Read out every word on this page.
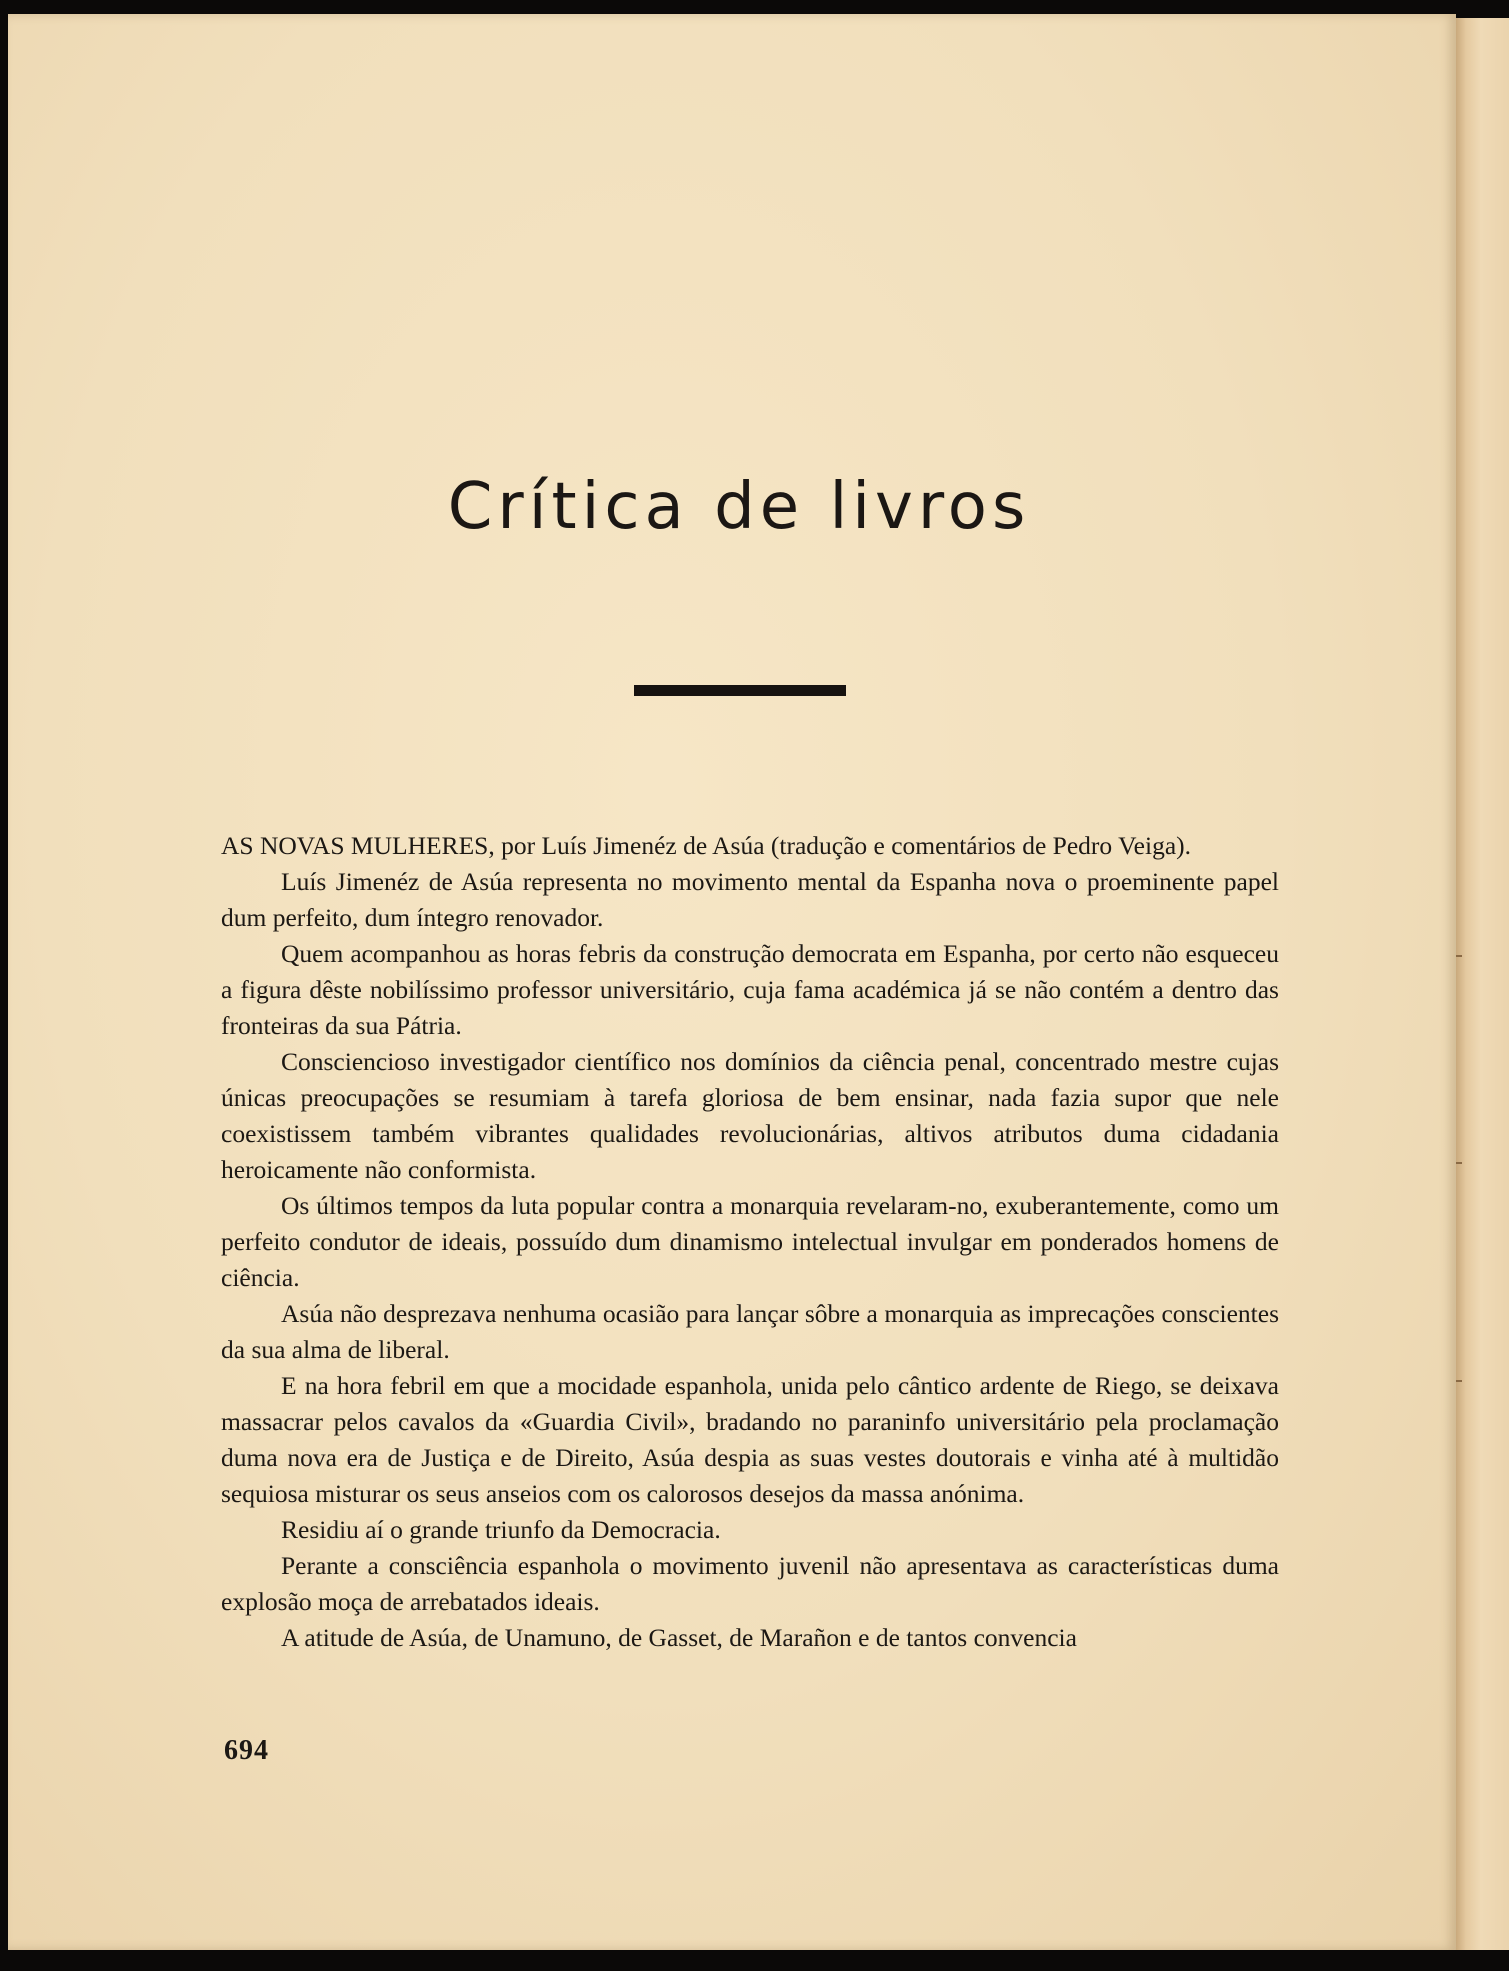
Crítica de livros

AS NOVAS MULHERES, por Luís Jimenéz de Asúa (tradução e comentários de Pedro Veiga).

Luís Jimenéz de Asúa representa no movimento mental da Espanha nova o proeminente papel dum perfeito, dum íntegro renovador.

Quem acompanhou as horas febris da construção democrata em Espanha, por certo não esqueceu a figura dêste nobilíssimo professor universitário, cuja fama académica já se não contém a dentro das fronteiras da sua Pátria.

Consciencioso investigador científico nos domínios da ciência penal, concentrado mestre cujas únicas preocupações se resumiam à tarefa gloriosa de bem ensinar, nada fazia supor que nele coexistissem também vibrantes qualidades revolucionárias, altivos atributos duma cidadania heroicamente não conformista.

Os últimos tempos da luta popular contra a monarquia revelaram-no, exuberantemente, como um perfeito condutor de ideais, possuído dum dinamismo intelectual invulgar em ponderados homens de ciência.

Asúa não desprezava nenhuma ocasião para lançar sôbre a monarquia as imprecações conscientes da sua alma de liberal.

E na hora febril em que a mocidade espanhola, unida pelo cântico ardente de Riego, se deixava massacrar pelos cavalos da «Guardia Civil», bradando no paraninfo universitário pela proclamação duma nova era de Justiça e de Direito, Asúa despia as suas vestes doutorais e vinha até à multidão sequiosa misturar os seus anseios com os calorosos desejos da massa anónima.

Residiu aí o grande triunfo da Democracia.

Perante a consciência espanhola o movimento juvenil não apresentava as características duma explosão moça de arrebatados ideais.

A atitude de Asúa, de Unamuno, de Gasset, de Marañon e de tantos convencia

694
